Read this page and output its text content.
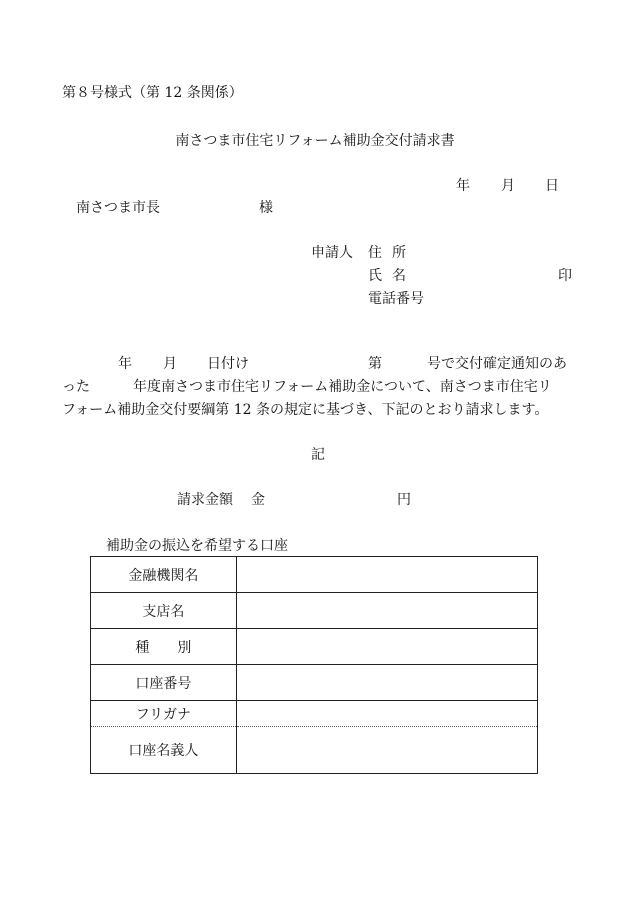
第８号様式（第 12 条関係）
南さつま市住宅リフォーム補助金交付請求書
年 月 日
南さつま市長	様
申請人 住所
氏名	印
電話番号
年 月 日付け	第	号で交付確定通知のあ
った	年度南さつま市住宅リフォーム補助金について、南さつま市住宅リ
フォーム補助金交付要綱第 12 条の規定に基づき、下記のとおり請求します。
記
請求金額 金	円
補助金の振込を希望する口座
金融機関名	
支店名	
種　　別	
口座番号	
フリガナ	
口座名義人	
